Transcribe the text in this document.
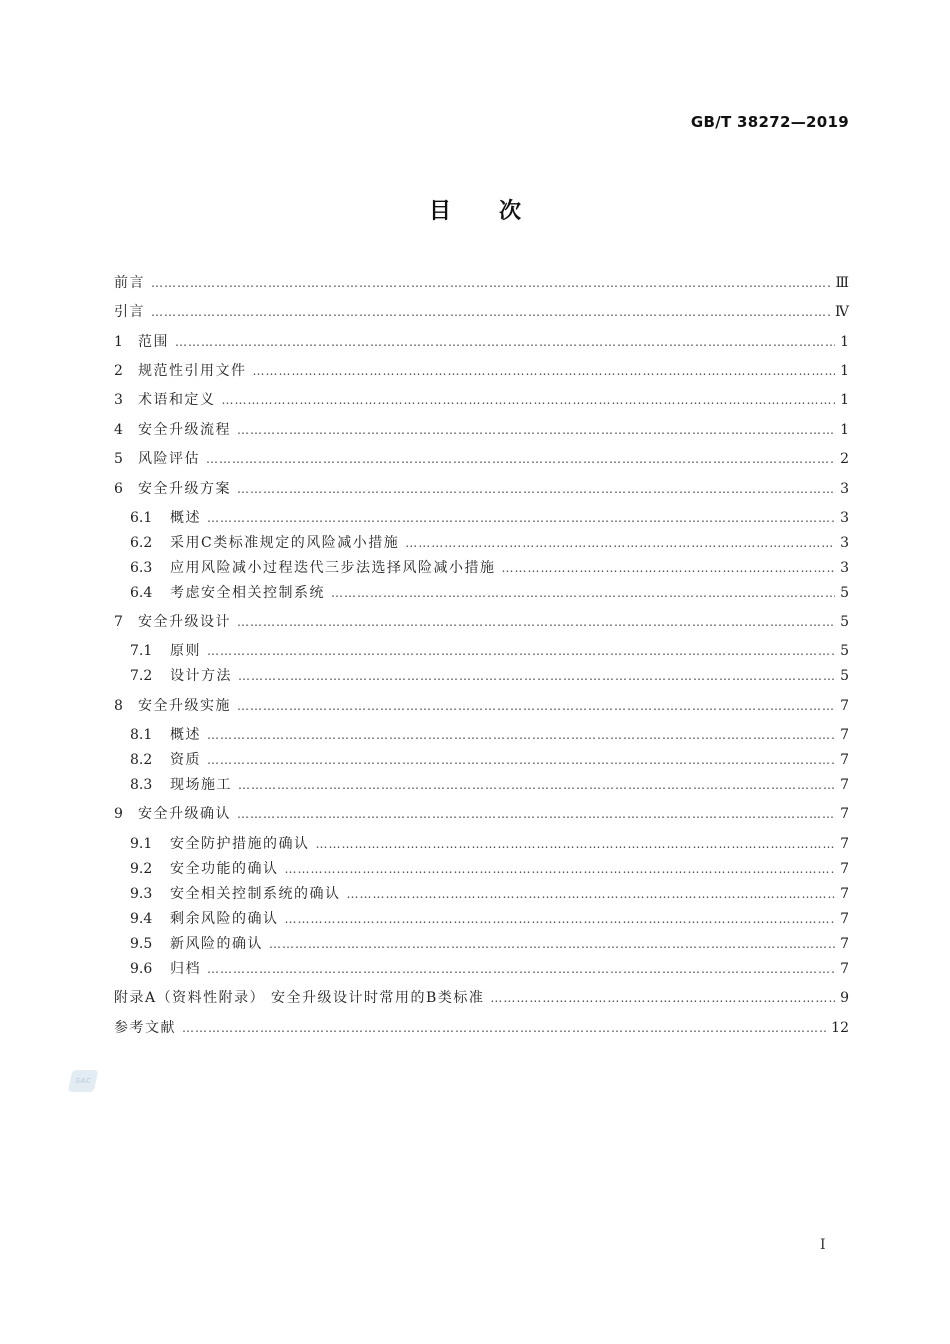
GB/T 38272—2019
目次
前言 ………………………………………………………………………………………………………………………………………………………………………………………………………………………………………………………………	Ⅲ
引言 ………………………………………………………………………………………………………………………………………………………………………………………………………………………………………………………………	Ⅳ
1	范围 ………………………………………………………………………………………………………………………………………………………………………………………………………………………………………………………………	1
2	规范性引用文件 ………………………………………………………………………………………………………………………………………………………………………………………………………………………………………………………………	1
3	术语和定义 ………………………………………………………………………………………………………………………………………………………………………………………………………………………………………………………………	1
4	安全升级流程 ………………………………………………………………………………………………………………………………………………………………………………………………………………………………………………………………	1
5	风险评估 ………………………………………………………………………………………………………………………………………………………………………………………………………………………………………………………………	2
6	安全升级方案 ………………………………………………………………………………………………………………………………………………………………………………………………………………………………………………………………	3
6.1	概述 ………………………………………………………………………………………………………………………………………………………………………………………………………………………………………………………………	3
6.2	采用C类标准规定的风险减小措施 ………………………………………………………………………………………………………………………………………………………………………………………………………………………………………………………………	3
6.3	应用风险减小过程迭代三步法选择风险减小措施 ………………………………………………………………………………………………………………………………………………………………………………………………………………………………………………………………	3
6.4	考虑安全相关控制系统 ………………………………………………………………………………………………………………………………………………………………………………………………………………………………………………………………	5
7	安全升级设计 ………………………………………………………………………………………………………………………………………………………………………………………………………………………………………………………………	5
7.1	原则 ………………………………………………………………………………………………………………………………………………………………………………………………………………………………………………………………	5
7.2	设计方法 ………………………………………………………………………………………………………………………………………………………………………………………………………………………………………………………………	5
8	安全升级实施 ………………………………………………………………………………………………………………………………………………………………………………………………………………………………………………………………	7
8.1	概述 ………………………………………………………………………………………………………………………………………………………………………………………………………………………………………………………………	7
8.2	资质 ………………………………………………………………………………………………………………………………………………………………………………………………………………………………………………………………	7
8.3	现场施工 ………………………………………………………………………………………………………………………………………………………………………………………………………………………………………………………………	7
9	安全升级确认 ………………………………………………………………………………………………………………………………………………………………………………………………………………………………………………………………	7
9.1	安全防护措施的确认 ………………………………………………………………………………………………………………………………………………………………………………………………………………………………………………………………	7
9.2	安全功能的确认 ………………………………………………………………………………………………………………………………………………………………………………………………………………………………………………………………	7
9.3	安全相关控制系统的确认 ………………………………………………………………………………………………………………………………………………………………………………………………………………………………………………………………	7
9.4	剩余风险的确认 ………………………………………………………………………………………………………………………………………………………………………………………………………………………………………………………………	7
9.5	新风险的确认 ………………………………………………………………………………………………………………………………………………………………………………………………………………………………………………………………	7
9.6	归档 ………………………………………………………………………………………………………………………………………………………………………………………………………………………………………………………………	7
附录A（资料性附录） 安全升级设计时常用的B类标准 ………………………………………………………………………………………………………………………………………………………………………………………………………………………………………………………………	9
参考文献 ………………………………………………………………………………………………………………………………………………………………………………………………………………………………………………………………	12
SAC
Ⅰ
